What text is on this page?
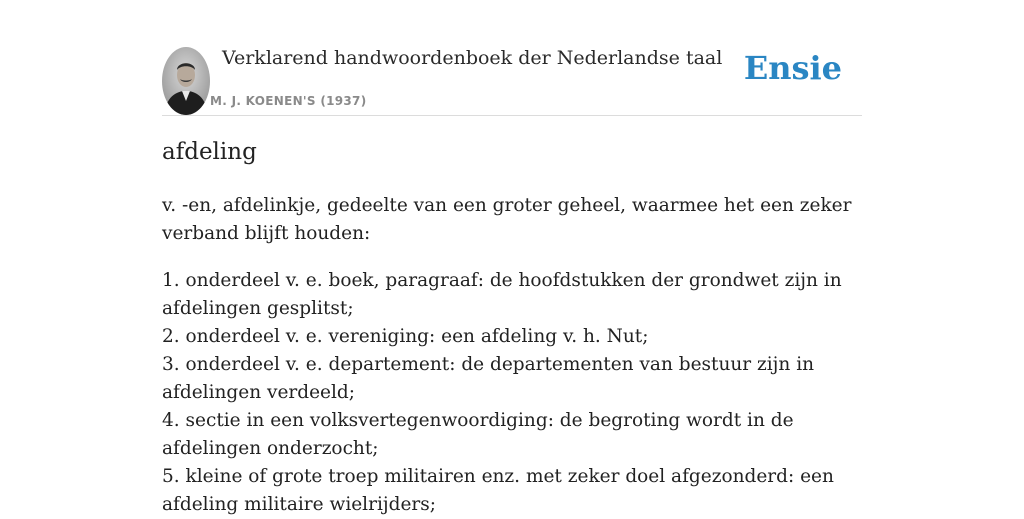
Verklarend handwoordenboek der Nederlandse taal
M. J. KOENEN'S (1937)
Ensie
afdeling

v. -en, afdelinkje, gedeelte van een groter geheel, waarmee het een zeker verband blijft houden:

1. onderdeel v. e. boek, paragraaf: de hoofdstukken der grondwet zijn in afdelingen gesplitst;
2. onderdeel v. e. vereniging: een afdeling v. h. Nut;
3. onderdeel v. e. departement: de departementen van bestuur zijn in afdelingen verdeeld;
4. sectie in een volksvertegenwoordiging: de begroting wordt in de afdelingen onderzocht;
5. kleine of grote troep militairen enz. met zeker doel afgezonderd: een afdeling militaire wielrijders;
